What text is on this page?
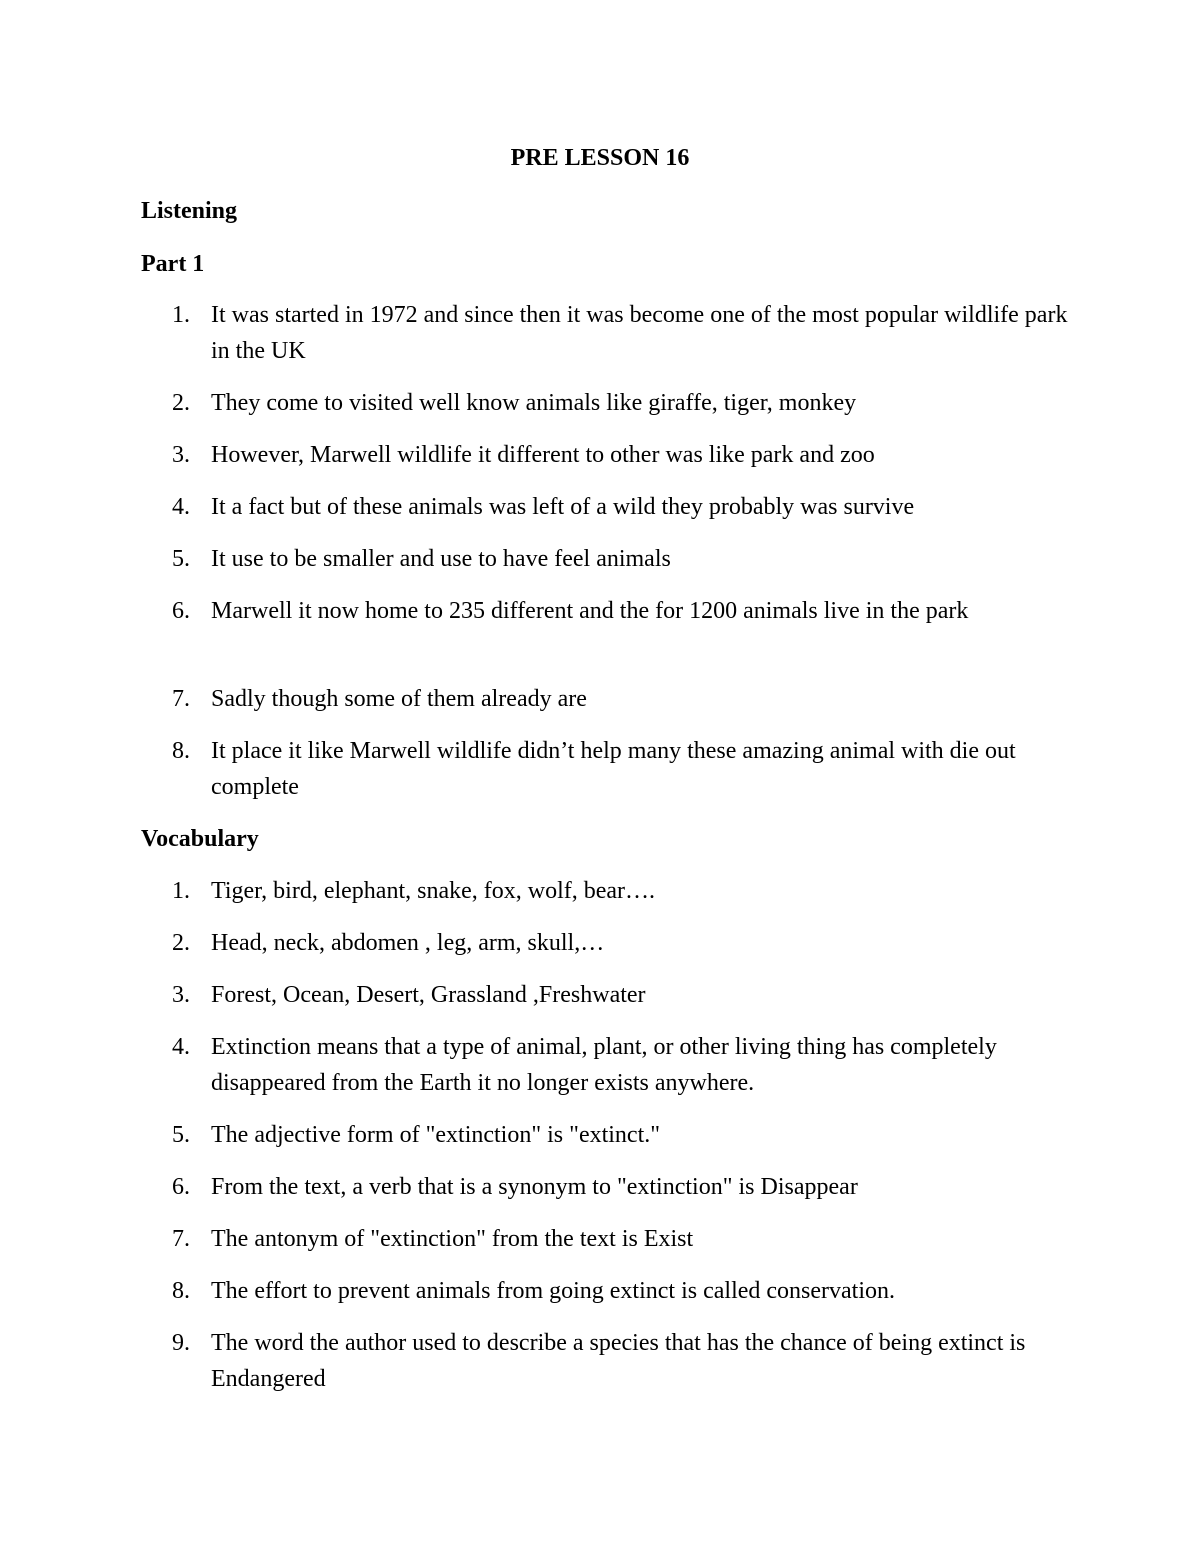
PRE LESSON 16
Listening
Part 1
1. It was started in 1972 and since then it was become one of the most popular wildlife park in the UK
2. They come to visited well know animals like giraffe, tiger, monkey
3. However, Marwell wildlife it different to other was like park and zoo
4. It a fact but of these animals was left of a wild they probably was survive
5. It use to be smaller and use to have feel animals
6. Marwell it now home to 235 different and the for 1200 animals live in the park
7. Sadly though some of them already are
8. It place it like Marwell wildlife didn’t help many these amazing animal with die out complete
Vocabulary
1. Tiger, bird, elephant, snake, fox, wolf, bear….
2. Head, neck, abdomen , leg, arm, skull,…
3. Forest, Ocean, Desert, Grassland ,Freshwater
4. Extinction means that a type of animal, plant, or other living thing has completely disappeared from the Earth it no longer exists anywhere.
5. The adjective form of "extinction" is "extinct."
6. From the text, a verb that is a synonym to "extinction" is Disappear
7. The antonym of "extinction" from the text is Exist
8. The effort to prevent animals from going extinct is called conservation.
9. The word the author used to describe a species that has the chance of being extinct is Endangered
